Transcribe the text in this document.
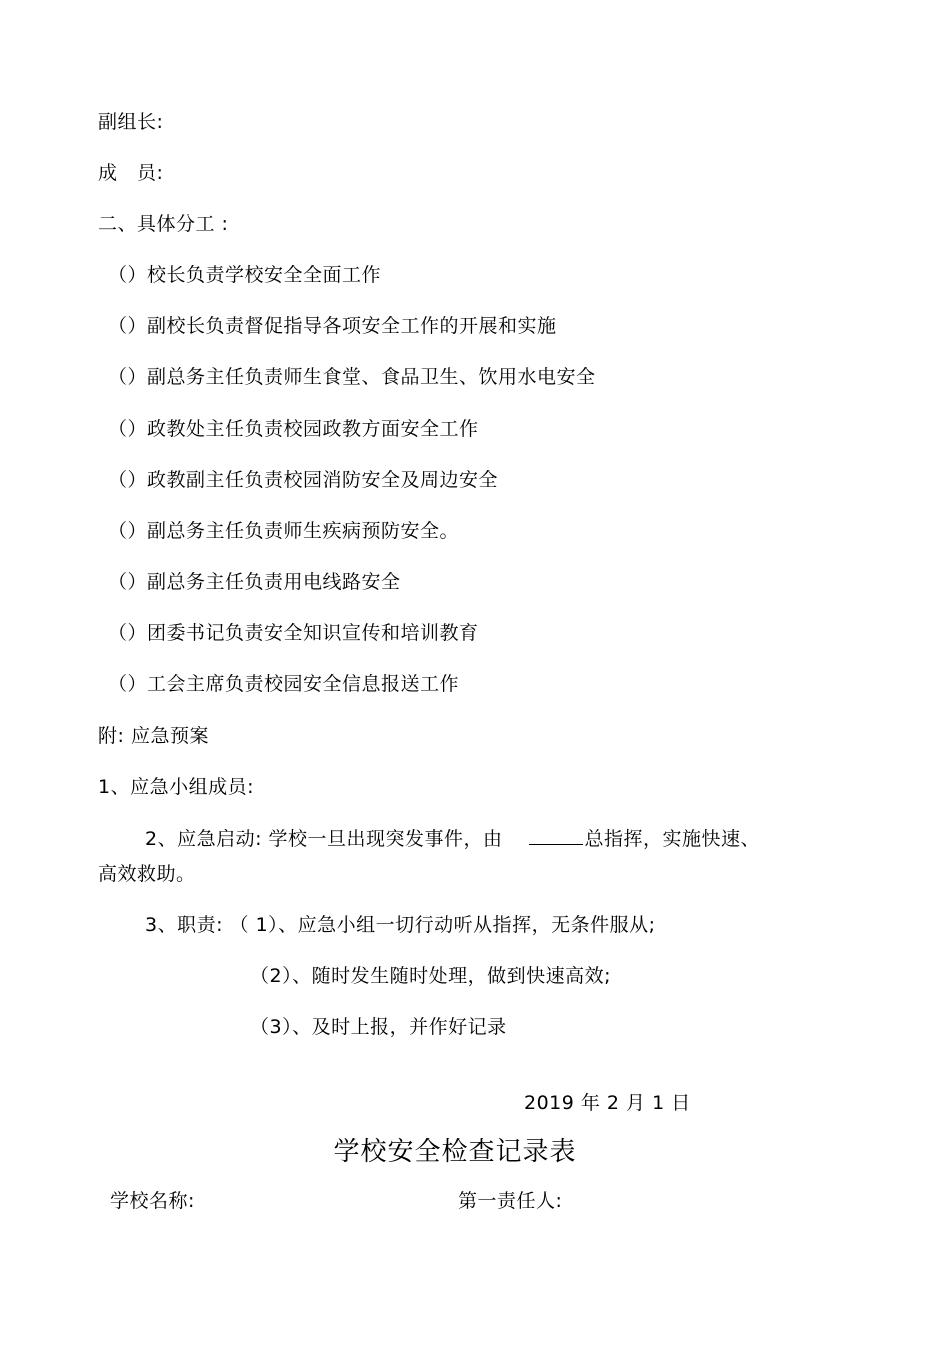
副组长:
成　员:
二、具体分工 :
（）校长负责学校安全全面工作
（）副校长负责督促指导各项安全工作的开展和实施
（）副总务主任负责师生食堂、食品卫生、饮用水电安全
（）政教处主任负责校园政教方面安全工作
（）政教副主任负责校园消防安全及周边安全
（）副总务主任负责师生疾病预防安全。
（）副总务主任负责用电线路安全
（）团委书记负责安全知识宣传和培训教育
（）工会主席负责校园安全信息报送工作
附: 应急预案
1、应急小组成员:
2、应急启动: 学校一旦出现突发事件，由	总指挥，实施快速、
高效救助。
3、职责: （ 1）、应急小组一切行动听从指挥，无条件服从;
（2）、随时发生随时处理，做到快速高效;
（3）、及时上报，并作好记录
2019 年 2 月 1 日
学校安全检查记录表
学校名称:	第一责任人:
